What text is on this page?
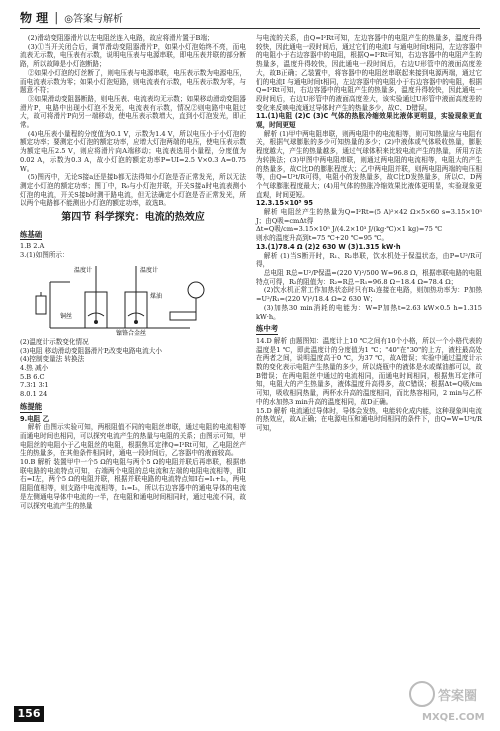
物 理 | ◎答案与解析

(2)滑动变阻器滑片以左电阻丝连入电路，故应将滑片置于B端；

(3)①当开关闭合后，调节滑动变阻器滑片P，如果小灯泡始终不亮，而电流表无示数，电压表有示数，说明电压表与电源串联，即电压表并联的部分断路，所以故障是小灯泡断路；

②如果小灯泡的灯丝断了，则电压表与电源串联，电压表示数为电源电压，而电流表示数为零；如果小灯泡短路，则电流表有示数，电压表示数为零，与题意不符；

③如果滑动变阻器断路，则电压表、电流表均无示数；如果移动滑动变阻器滑片P，电路中出现小灯泡不发光，电流表有示数，情况②则电路中电阻过大，故可将滑片P向另一端移动，使电压表示数增大，直到小灯泡发光，即正常。

(4)电压表小量程的分度值为0.1 V，示数为1.4 V，所以电压小于小灯泡的额定功率；要测定小灯泡的额定功率，应增大灯泡两端的电压，使电压表示数为额定电压2.5 V，则应将滑片向A端移动；电流表选用小量程，分度值为0.02 A，示数为0.3 A，故小灯泡的额定功率P=UI=2.5 V×0.3 A=0.75 W。

(5)图丙中，无论S接a还是接b都无法得知小灯泡是否正常发光，所以无法测定小灯泡的额定功率；图丁中，R₀与小灯泡并联，开关S接a时电流表测小灯泡的电流，开关S接b时测干路电流，但无法确定小灯泡是否正常发光，所以两个电路都不能测出小灯泡的额定功率，故选B。

第四节 科学探究：电流的热效应
练基础

1.B 2.A

3.(1)如图所示：

温度计	温度计
煤油
镍铬合金丝
铜丝

(2)温度计示数变化情况

(3)电阻 移动滑动变阻器滑片P,改变电路电流大小

(4)控制变量法 转换法

4.热 减小

5.B 6.C

7.3∶1 3∶1

8.0.1 24

练提能

9.电阻 乙

解析 由图示实验可知，两根阻值不同的电阻丝串联，通过电阻的电流相等而通电时间也相同，可以探究电流产生的热量与电阻的关系；由图示可知，甲电阻丝的电阻小于乙电阻丝的电阻，根据焦耳定律Q=I²Rt可知，乙电阻丝产生的热量多，在其他条件相同时，通电一段时间后，乙容器中的液面较高。

10.B 解析 装置甲中一个5 Ω的电阻与两个5 Ω的电阻并联后再串联，根据串联电路的电流特点可知，右端两个电阻的总电流和左端的电阻电流相等，即I右=I左，两个5 Ω的电阻并联，根据并联电路的电流特点知I右=I₁+I₂，两电阻阻值相等，则支路中电流相等，I₁=I₂，所以右边容器中的通电导体的电流是左侧通电导体中电流的一半，在电阻和通电时间相同时，通过电流不同，故可以探究电流产生的热量

与电流的关系，由Q=I²Rt可知，左边容器中的电阻产生的热量多，温度升得较快，因此通电一段时间后，通过它们的电流I 与通电时间t相同，左边容器中的电阻小于右边容器中的电阻，根据Q=I²Rt可知，右边容器中的电阻产生的热量多，温度升得较快，因此通电一段时间后，右边U形管中的液面高度差大，故B正确；乙装置中，将容器中的电阻丝串联起来接到电源两端，通过它们的电流I 与通电时间t相同，左边容器中的电阻小于右边容器中的电阻，根据Q=I²Rt可知，右边容器中的电阻产生的热量多，温度升得较快，因此通电一段时间后，右边U形管中的液面高度差大，该实验通过U形管中液面高度差的变化来反映电流通过导体时产生的热量多少，故C、D错误。

11.(1)电阻 (2)C (3)C 气体的热胀冷缩效果比液体更明显，实验现象更直观，时间更短

解析 (1)甲中两电阻串联，则两电阻中的电流相等，则可知热量应与电阻有关，根据气球膨胀的多少可知热量的多少；(2)中液体或气体吸收热量，膨胀程度越大，产生的热量越多，通过气球体积来比较电流产生的热量，所用方法为转换法；(3)甲图中两电阻串联，则通过两电阻的电流相等，电阻大的产生的热量多，故C比D的膨胀程度大；乙中两电阻并联，则两电阻两端的电压相等，由Q=U²t/R可得，电阻小的发热量多，故C比D发热量多，所以C、D两个气球膨胀程度最大；(4)用气体的热胀冷缩效果比液体更明显，实验现象更直观，时间更短。

12.3.15×10⁵ 95

解析 电阻丝产生的热量为Q=I²Rt=(5 A)²×42 Ω×5×60 s=3.15×10⁵ J；由Q吸=cmΔt得

Δt=Q吸/cm=3.15×10⁵ J/(4.2×10³ J/(kg·℃)×1 kg)=75 ℃

则水的温度升高到t=75 ℃+20 ℃=95 ℃。

13.(1)78.4 Ω (2)2 630 W (3)1.315 kW·h

解析 (1)当S断开时，R₁、R₂串联，饮水机处于保温状态，由P=U²/R可得，

总电阻 R总=U²/P保温=(220 V)²/500 W=96.8 Ω，根据串联电路的电阻特点可得，R₂的阻值为：R₂=R总−R₁=96.8 Ω−18.4 Ω=78.4 Ω；

(2)饮水机正常工作加热状态时只有R₁连接在电路，则加热功率为：P加热=U²/R₁=(220 V)²/18.4 Ω≈2 630 W；

(3)加热30 min消耗的电能为：W=P加热t=2.63 kW×0.5 h=1.315 kW·h。

练中考

14.D 解析 由题图知：温度计上10 ℃之间有10个小格，所以一个小格代表的温度是1 ℃，即此温度计的分度值为1 ℃；"40"在"30"的上方，液柱最高处在两者之间，说明温度高于0 ℃，为37 ℃，故A错误；实验中通过温度计示数的变化表示电阻产生热量的多少，所以烧瓶中的液体是水或煤油都可以，故B错误；在两电阻丝中通过的电流相同，而通电时间相同，根据焦耳定律可知，电阻大的产生热量多，液体温度升高得多，故C错误；根据Δt=Q吸/cm可知，吸收相同热量，两杯水升高的温度相同，而比热容相同，2 min与乙杯中的水加热3 min升高的温度相同，故D正确。

15.D 解析 电流通过导体时，导体会发热，电能转化成内能，这种现象叫电流的热效应，故A正确；在电源电压和通电时间相同的条件下，由Q=W=U²t/R可知，

156
答案圈
MXQE.COM
